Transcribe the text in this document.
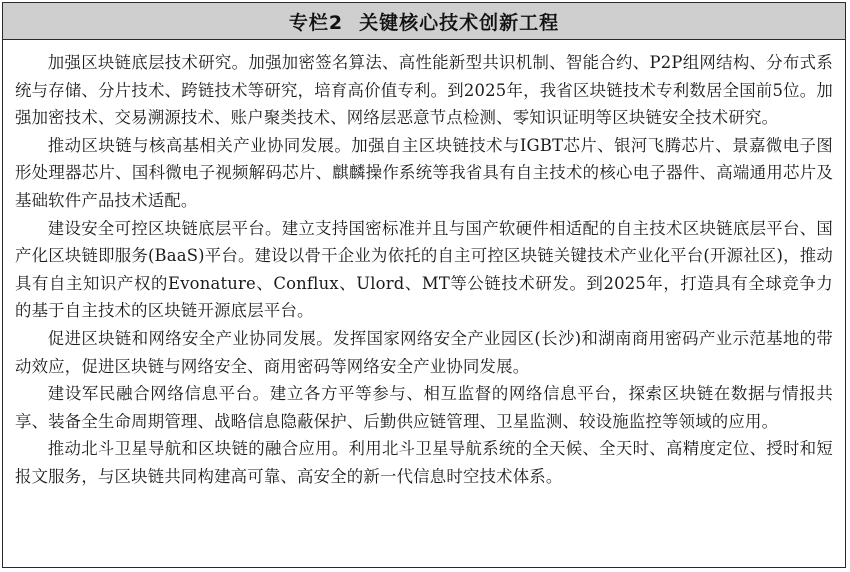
专栏2 关键核心技术创新工程

加强区块链底层技术研究。加强加密签名算法、高性能新型共识机制、智能合约、P2P组网结构、分布式系统与存储、分片技术、跨链技术等研究，培育高价值专利。到2025年，我省区块链技术专利数居全国前5位。加强加密技术、交易溯源技术、账户聚类技术、网络层恶意节点检测、零知识证明等区块链安全技术研究。

推动区块链与核高基相关产业协同发展。加强自主区块链技术与IGBT芯片、银河飞腾芯片、景嘉微电子图形处理器芯片、国科微电子视频解码芯片、麒麟操作系统等我省具有自主技术的核心电子器件、高端通用芯片及基础软件产品技术适配。

建设安全可控区块链底层平台。建立支持国密标准并且与国产软硬件相适配的自主技术区块链底层平台、国产化区块链即服务(BaaS)平台。建设以骨干企业为依托的自主可控区块链关键技术产业化平台(开源社区)，推动具有自主知识产权的Evonature、Conflux、Ulord、MT等公链技术研发。到2025年，打造具有全球竞争力的基于自主技术的区块链开源底层平台。

促进区块链和网络安全产业协同发展。发挥国家网络安全产业园区(长沙)和湖南商用密码产业示范基地的带动效应，促进区块链与网络安全、商用密码等网络安全产业协同发展。

建设军民融合网络信息平台。建立各方平等参与、相互监督的网络信息平台，探索区块链在数据与情报共享、装备全生命周期管理、战略信息隐蔽保护、后勤供应链管理、卫星监测、较设施监控等领域的应用。

推动北斗卫星导航和区块链的融合应用。利用北斗卫星导航系统的全天候、全天时、高精度定位、授时和短报文服务，与区块链共同构建高可靠、高安全的新一代信息时空技术体系。
